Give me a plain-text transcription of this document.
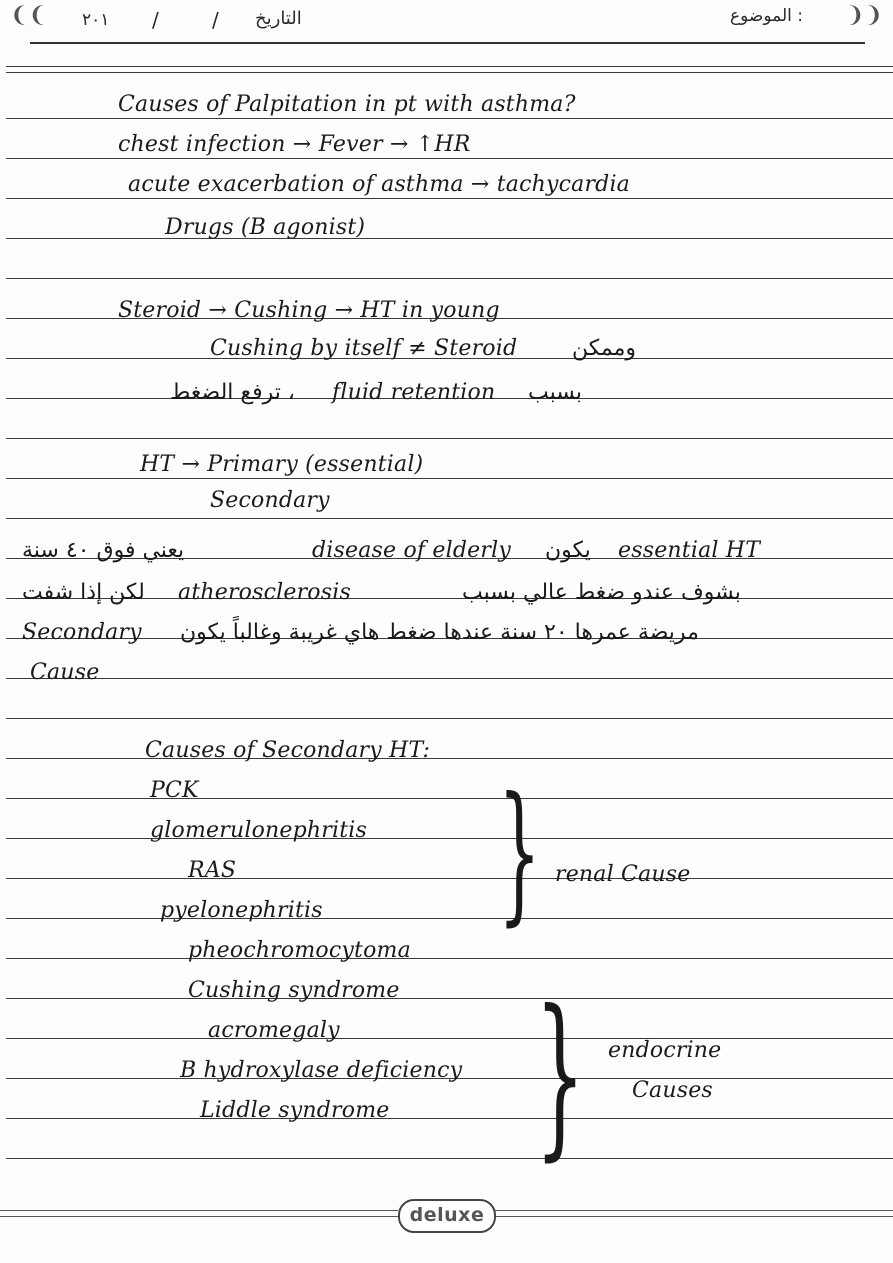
❨❨	❩❩
٢٠١ /	/ التاريخ	الموضوع :
Causes of Palpitation in pt with asthma?
chest infection → Fever → ↑HR
acute exacerbation of asthma → tachycardia
Drugs (B agonist)
Steroid → Cushing → HT in young
Cushing by itself ≠ Steroid وممكن
، ترفع الضغط fluid retention بسبب
HT → Primary (essential)
Secondary
يعني فوق ٤٠ سنة	disease of elderly يكون essential HT
لكن إذا شفت atherosclerosis	بشوف عندو ضغط عالي بسبب
Secondary مريضة عمرها ٢٠ سنة عندها ضغط هاي غريبة وغالباً يكون
Cause
Causes of Secondary HT:
PCK
glomerulonephritis
RAS
pyelonephritis } renal Cause
pheochromocytoma
Cushing syndrome
acromegaly
B hydroxylase deficiency
Liddle syndrome } endocrine
Causes
deluxe
